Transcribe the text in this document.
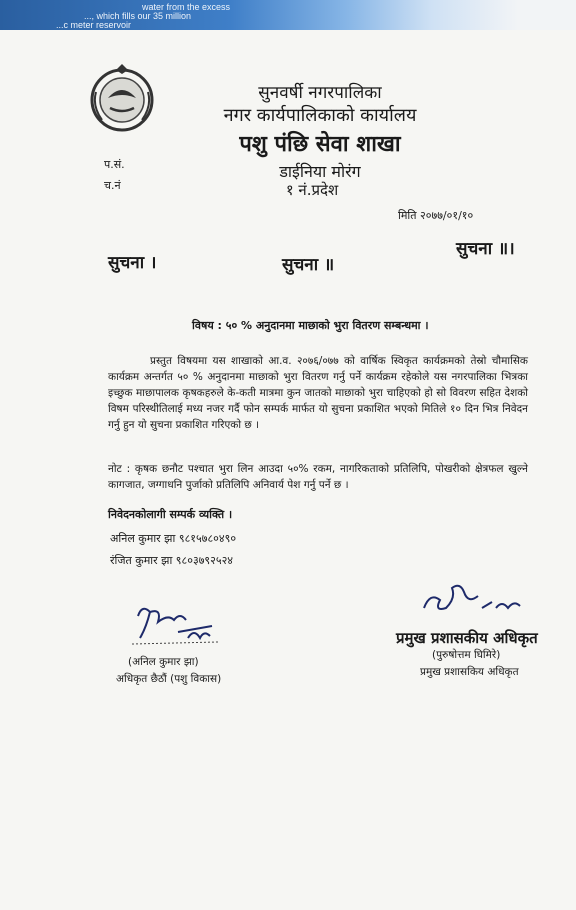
water from the excess
..., which fills our 35 million
...c meter reservoir
सुनवर्षी नगरपालिका
नगर कार्यपालिकाको कार्यालय
पशु पंछि सेवा शाखा
डाईनिया मोरंग
१ नं.प्रदेश
प.सं.
च.नं
मिति २०७७/०१/१०
सुचना ।	सुचना ॥
सुचना ॥।
विषय : ५० % अनुदानमा माछाको भुरा वितरण सम्बन्धमा ।
प्रस्तुत विषयमा यस शाखाको आ.व. २०७६/०७७ को वार्षिक स्विकृत कार्यक्रमको तेस्रो चौमासिक कार्यक्रम अन्तर्गत ५० % अनुदानमा माछाको भुरा वितरण गर्नु पर्ने कार्यक्रम रहेकोले यस नगरपालिका भित्रका इच्छुक माछापालक कृषकहरुले के-कती मात्रमा कुन जातको माछाको भुरा चाहिएको हो सो विवरण सहित देशको विषम परिस्थीतिलाई मध्य नजर गर्दै फोन सम्पर्क मार्फत यो सुचना प्रकाशित भएको मितिले १० दिन भित्र निवेदन गर्नु हुन यो सुचना प्रकाशित गरिएको छ ।
नोट : कृषक छनौट पश्चात भुरा लिन आउदा ५०% रकम, नागरिकताको प्रतिलिपि, पोखरीको क्षेत्रफल खुल्ने कागजात, जग्गाधनि पुर्जाको प्रतिलिपि अनिवार्य पेश गर्नु पर्ने छ ।
निवेदनकोलागी सम्पर्क व्यक्ति ।
अनिल कुमार झा ९८१५७८०४९०
रंजित कुमार झा ९८०३७९२५२४
(अनिल कुमार झा)
अधिकृत छैठौं (पशु विकास)
प्रमुख प्रशासकीय अधिकृत
(पुरुषोत्तम घिमिरे)
प्रमुख प्रशासकिय अधिकृत
